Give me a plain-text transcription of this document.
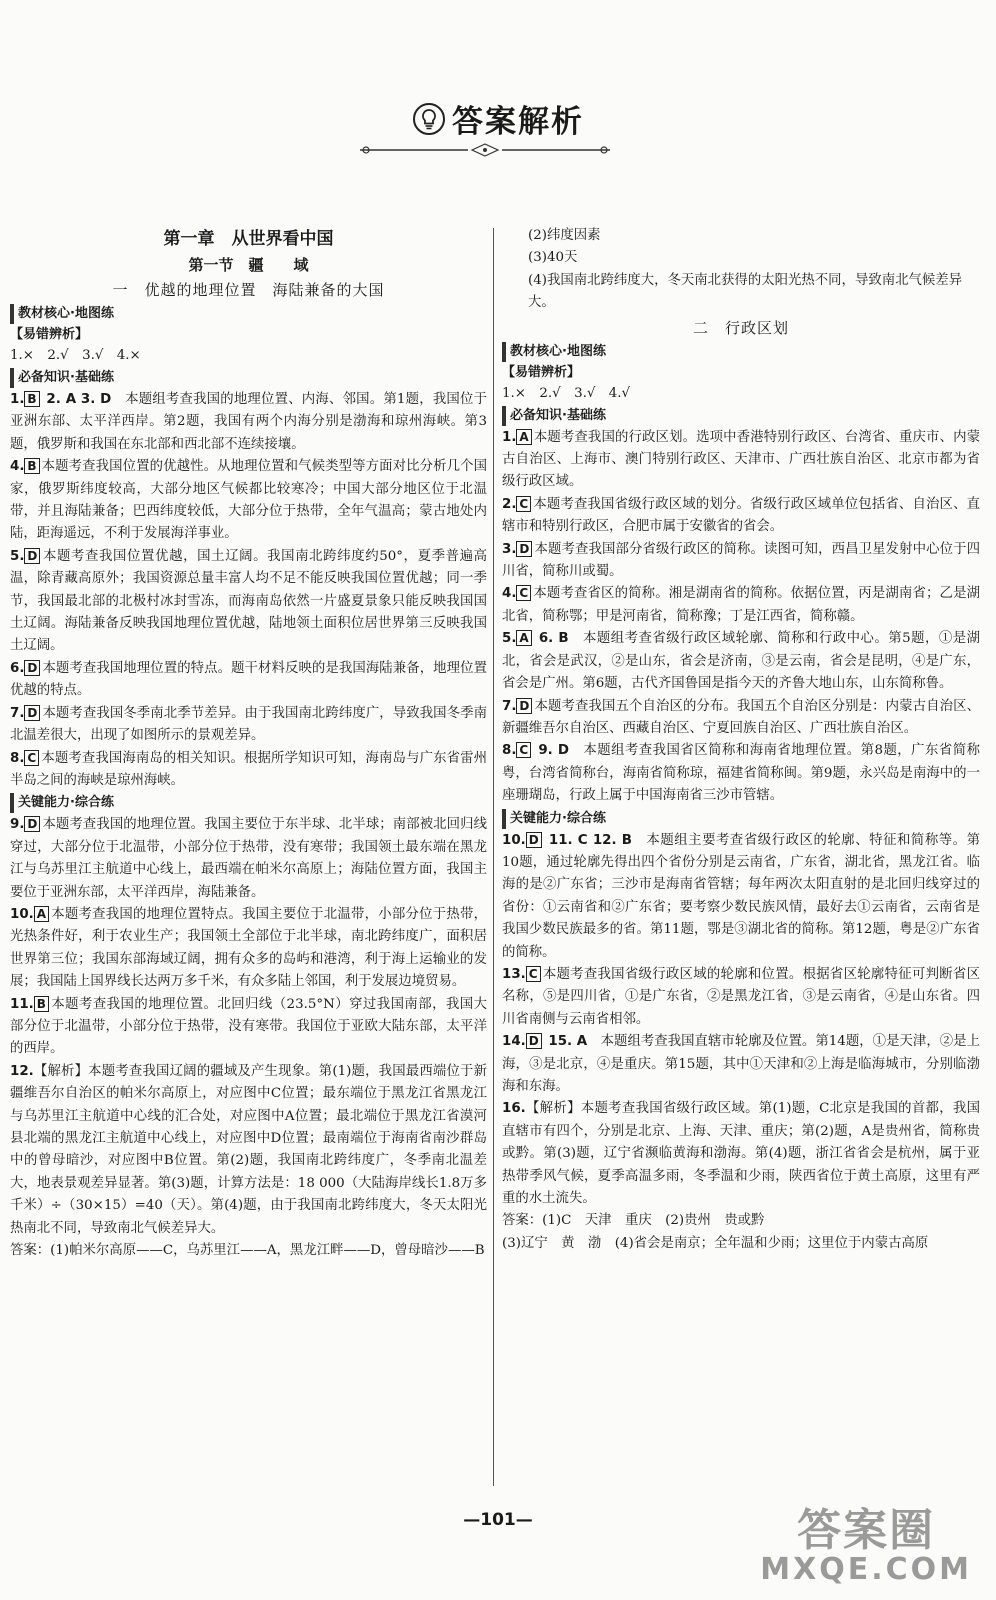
答案解析
第一章　从世界看中国
第一节　疆　　域
一　优越的地理位置　海陆兼备的大国
教材核心·地图练
【易错辨析】
1.×　2.√　3.√　4.×
必备知识·基础练
1. B 2. A 3. D　 本题组考查我国的地理位置、内海、邻国。第1题，我国位于亚洲东部、太平洋西岸。第2题，我国有两个内海分别是渤海和琼州海峡。第3题，俄罗斯和我国在东北部和西北部不连续接壤。
4. B 本题考查我国位置的优越性。从地理位置和气候类型等方面对比分析几个国家，俄罗斯纬度较高，大部分地区气候都比较寒冷；中国大部分地区位于北温带，并且海陆兼备；巴西纬度较低，大部分位于热带，全年气温高；蒙古地处内陆，距海遥远，不利于发展海洋事业。
5. D 本题考查我国位置优越，国土辽阔。我国南北跨纬度约50°，夏季普遍高温，除青藏高原外；我国资源总量丰富人均不足不能反映我国位置优越；同一季节，我国最北部的北极村冰封雪冻，而海南岛依然一片盛夏景象只能反映我国国土辽阔。海陆兼备反映我国地理位置优越，陆地领土面积位居世界第三反映我国土辽阔。
6. D 本题考查我国地理位置的特点。题干材料反映的是我国海陆兼备，地理位置优越的特点。
7. D 本题考查我国冬季南北季节差异。由于我国南北跨纬度广，导致我国冬季南北温差很大，出现了如图所示的景观差异。
8. C 本题考查我国海南岛的相关知识。根据所学知识可知，海南岛与广东省雷州半岛之间的海峡是琼州海峡。
关键能力·综合练
9. D 本题考查我国的地理位置。我国主要位于东半球、北半球；南部被北回归线穿过，大部分位于北温带，小部分位于热带，没有寒带；我国领土最东端在黑龙江与乌苏里江主航道中心线上，最西端在帕米尔高原上；海陆位置方面，我国主要位于亚洲东部，太平洋西岸，海陆兼备。
10. A 本题考查我国的地理位置特点。我国主要位于北温带，小部分位于热带，光热条件好，利于农业生产；我国领土全部位于北半球，南北跨纬度广，面积居世界第三位；我国东部海域辽阔，拥有众多的岛屿和港湾，利于海上运输业的发展；我国陆上国界线长达两万多千米，有众多陆上邻国，利于发展边境贸易。
11. B 本题考查我国的地理位置。北回归线（23.5°N）穿过我国南部，我国大部分位于北温带，小部分位于热带，没有寒带。我国位于亚欧大陆东部，太平洋的西岸。
12.【解析】本题考查我国辽阔的疆域及产生现象。第(1)题，我国最西端位于新疆维吾尔自治区的帕米尔高原上，对应图中C位置；最东端位于黑龙江省黑龙江与乌苏里江主航道中心线的汇合处，对应图中A位置；最北端位于黑龙江省漠河县北端的黑龙江主航道中心线上，对应图中D位置；最南端位于海南省南沙群岛中的曾母暗沙，对应图中B位置。第(2)题，我国南北跨纬度广，冬季南北温差大，地表景观差异显著。第(3)题，计算方法是：18 000（大陆海岸线长1.8万多千米）÷（30×15）=40（天）。第(4)题，由于我国南北跨纬度大，冬天太阳光热南北不同，导致南北气候差异大。
答案：(1)帕米尔高原——C，乌苏里江——A，黑龙江畔——D，曾母暗沙——B
(2)纬度因素
(3)40天
(4)我国南北跨纬度大，冬天南北获得的太阳光热不同，导致南北气候差异大。
二　行政区划
教材核心·地图练
【易错辨析】
1.×　2.√　3.√　4.√
必备知识·基础练
1. A 本题考查我国的行政区划。选项中香港特别行政区、台湾省、重庆市、内蒙古自治区、上海市、澳门特别行政区、天津市、广西壮族自治区、北京市都为省级行政区域。
2. C 本题考查我国省级行政区域的划分。省级行政区域单位包括省、自治区、直辖市和特别行政区，合肥市属于安徽省的省会。
3. D 本题考查我国部分省级行政区的简称。读图可知，西昌卫星发射中心位于四川省，简称川或蜀。
4. C 本题考查省区的简称。湘是湖南省的简称。依据位置，丙是湖南省；乙是湖北省，简称鄂；甲是河南省，简称豫；丁是江西省，简称赣。
5. A 6. B　 本题组考查省级行政区域轮廓、简称和行政中心。第5题，①是湖北，省会是武汉，②是山东，省会是济南，③是云南，省会是昆明，④是广东，省会是广州。第6题，古代齐国鲁国是指今天的齐鲁大地山东，山东简称鲁。
7. D 本题考查我国五个自治区的分布。我国五个自治区分别是：内蒙古自治区、新疆维吾尔自治区、西藏自治区、宁夏回族自治区、广西壮族自治区。
8. C 9. D　 本题组考查我国省区简称和海南省地理位置。第8题，广东省简称粤，台湾省简称台，海南省简称琼，福建省简称闽。第9题，永兴岛是南海中的一座珊瑚岛，行政上属于中国海南省三沙市管辖。
关键能力·综合练
10. D 11. C 12. B　 本题组主要考查省级行政区的轮廓、特征和简称等。第10题，通过轮廓先得出四个省份分别是云南省，广东省，湖北省，黑龙江省。临海的是②广东省；三沙市是海南省管辖；每年两次太阳直射的是北回归线穿过的省份：①云南省和②广东省；要考察少数民族风情，最好去①云南省，云南省是我国少数民族最多的省。第11题，鄂是③湖北省的简称。第12题，粤是②广东省的简称。
13. C 本题考查我国省级行政区域的轮廓和位置。根据省区轮廓特征可判断省区名称，⑤是四川省，①是广东省，②是黑龙江省，③是云南省，④是山东省。四川省南侧与云南省相邻。
14. D 15. A　 本题组考查我国直辖市轮廓及位置。第14题，①是天津，②是上海，③是北京，④是重庆。第15题，其中①天津和②上海是临海城市，分别临渤海和东海。
16.【解析】本题考查我国省级行政区域。第(1)题，C北京是我国的首都，我国直辖市有四个，分别是北京、上海、天津、重庆；第(2)题，A是贵州省，简称贵或黔。第(3)题，辽宁省濒临黄海和渤海。第(4)题，浙江省省会是杭州，属于亚热带季风气候，夏季高温多雨，冬季温和少雨，陕西省位于黄土高原，这里有严重的水土流失。
答案：(1)C　天津　重庆　(2)贵州　贵或黔
(3)辽宁　黄　渤　(4)省会是南京；全年温和少雨；这里位于内蒙古高原
—101—	答案圈
MXQE.COM
